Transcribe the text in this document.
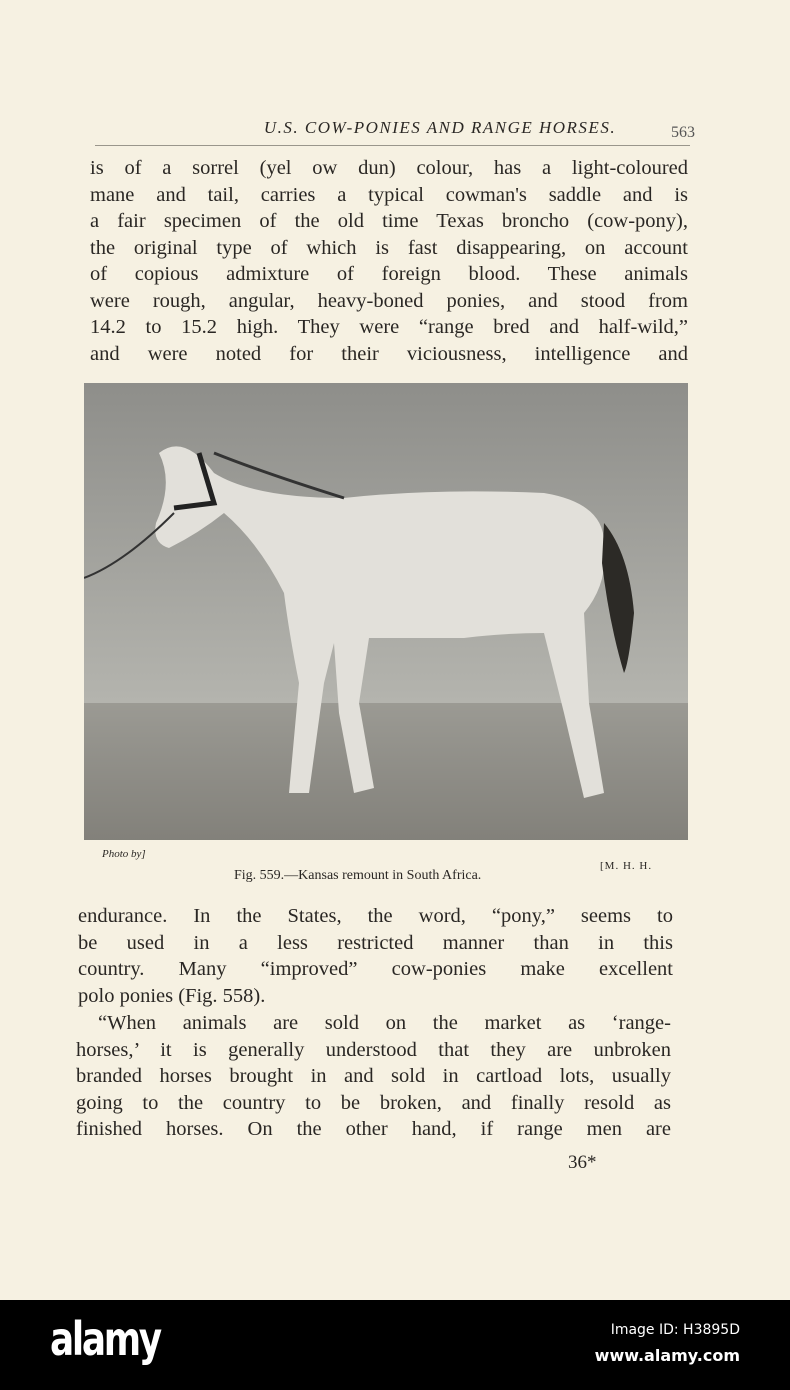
U.S. COW-PONIES AND RANGE HORSES.	563
is of a sorrel (yel ow dun) colour, has a light-coloured
mane and tail, carries a typical cowman's saddle and is
a fair specimen of the old time Texas broncho (cow-pony),
the original type of which is fast disappearing, on account
of copious admixture of foreign blood. These animals
were rough, angular, heavy-boned ponies, and stood from
14.2 to 15.2 high. They were “range bred and half-wild,”
and were noted for their viciousness, intelligence and
Photo by]
[M. H. H.
Fig. 559.—Kansas remount in South Africa.
endurance. In the States, the word, “pony,” seems to
be used in a less restricted manner than in this
country. Many “improved” cow-ponies make excellent
polo ponies (Fig. 558).
“When animals are sold on the market as ‘range-
horses,’ it is generally understood that they are unbroken
branded horses brought in and sold in cartload lots, usually
going to the country to be broken, and finally resold as
finished horses. On the other hand, if range men are
36*
alamy	Image ID: H3895D
www.alamy.com
